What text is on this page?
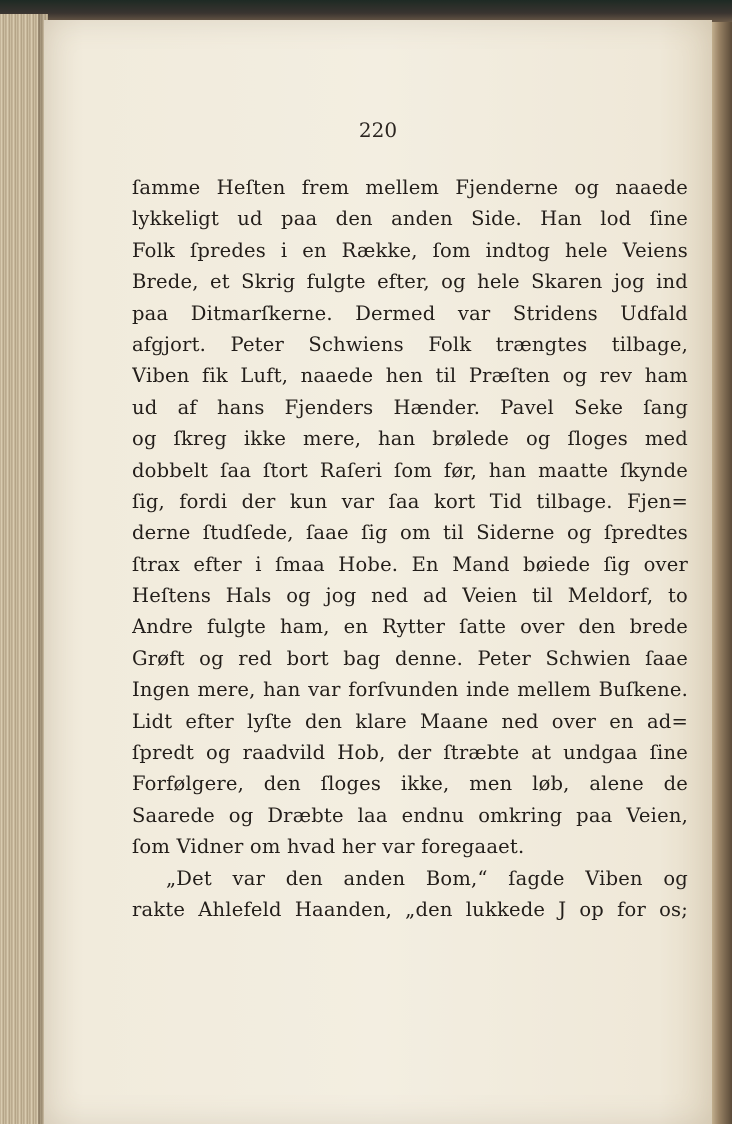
220
ſamme Heſten frem mellem Fjenderne og naaede
lykkeligt ud paa den anden Side. Han lod ſine
Folk ſpredes i en Række, ſom indtog hele Veiens
Brede, et Skrig fulgte efter, og hele Skaren jog ind
paa Ditmarſkerne. Dermed var Stridens Udfald
afgjort. Peter Schwiens Folk trængtes tilbage,
Viben fik Luft, naaede hen til Præſten og rev ham
ud af hans Fjenders Hænder. Pavel Seke ſang
og ſkreg ikke mere, han brølede og ſloges med
dobbelt ſaa ſtort Raſeri ſom før, han maatte ſkynde
ſig, fordi der kun var ſaa kort Tid tilbage. Fjen=
derne ſtudſede, ſaae ſig om til Siderne og ſpredtes
ſtrax efter i ſmaa Hobe. En Mand bøiede ſig over
Heſtens Hals og jog ned ad Veien til Meldorf, to
Andre fulgte ham, en Rytter ſatte over den brede
Grøft og red bort bag denne. Peter Schwien ſaae
Ingen mere, han var forſvunden inde mellem Buſkene.
Lidt efter lyſte den klare Maane ned over en ad=
ſpredt og raadvild Hob, der ſtræbte at undgaa ſine
Forfølgere, den ſloges ikke, men løb, alene de
Saarede og Dræbte laa endnu omkring paa Veien,
ſom Vidner om hvad her var foregaaet.
„Det var den anden Bom,“ ſagde Viben og
rakte Ahlefeld Haanden, „den lukkede J op for os;
